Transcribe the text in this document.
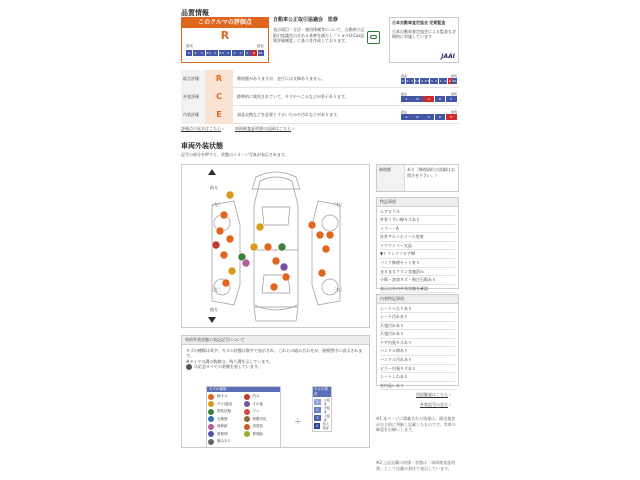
品質情報
このクルマの評価点
R
最高	最低
S	6	5	4.5	4	3.5	3	2	1	0	R	RA
自動車公正取引協議会　監修
表示項目・方法・運用体制等について、自動車公正取引協議会の定める基準を満たし「トヨタU-Car品質評価制度」に基づき作成しております。
日本自動車査定協会 定期監査
日本自動車査定協会による監査も定期的に実施しています
JAAI
総合評価	R	修復歴がありますが、走行には支障ありません。
最高	最低
S 6 5 4.5 4 3.5 3 2 1 0 R RA
外装評価	C	標準的に使用されていて、キズやへこみなどが若干あります。
最良	最低
A	B	C	D	E
内装評価	E	部品交換などを必要とするいたみや汚れなどがあります。
最良	最低
A	B	C	D	E
評価点の見方はこちら ›	車両検査証明書の記録はこちら ›
車両外装状態
記号の部分を押すと、状態のイメージ写真が表示されます。
前方
後方
［左］	［右］
［左］	［右］
修復歴	あり（修復部位の詳細はお問合せ下さい。）
特記事項
エアロ下ネ
外装うすい線キズあり
ミラー・A
社外アルミホイール装着
リヤワイパー欠品
▼トランクフロアW
パンク修理キット有り
まるまるクリン実施済み
小傷・洗車キズ・飛び石傷あり
表示は外内外装状態を確認
内装特記事項
シートへたりあり
シート汚れあり
天張汚れあり
天張汚れあり
ドア内張キズあり
ハンドル傷あり
ハンドル汚れあり
ピラー内張キズあり
シートしわあり
室内臭いあり
用語解説はこちら ›
外装記号の見方 ›
※1 本ページに掲載された情報は、販売業者が自主的に判断し記載したものです。実車の確認をお願いします。
※2 上記記載の評価・状態は「車両検査証明書」として店舗の責任で表示しています。
車両外装状態の表記記号について
キズの種類は英字、キズの状態は数字で表示され、これらの組み合わせが、展開図中に表示されます。
※タイヤの溝の数値は、残り溝を示しています。
は応急タイヤの装備を表しています。
キズの種類
線キズ	凹み
サビ/腐食	その他
塗装状態	ワレ
交換歴	塗膜劣化
補修跡	再塗装
要修理	修理跡
傷みあり
＋
キズの程度
1	小程度
2	中程度
3	大程度
4	特大程度
